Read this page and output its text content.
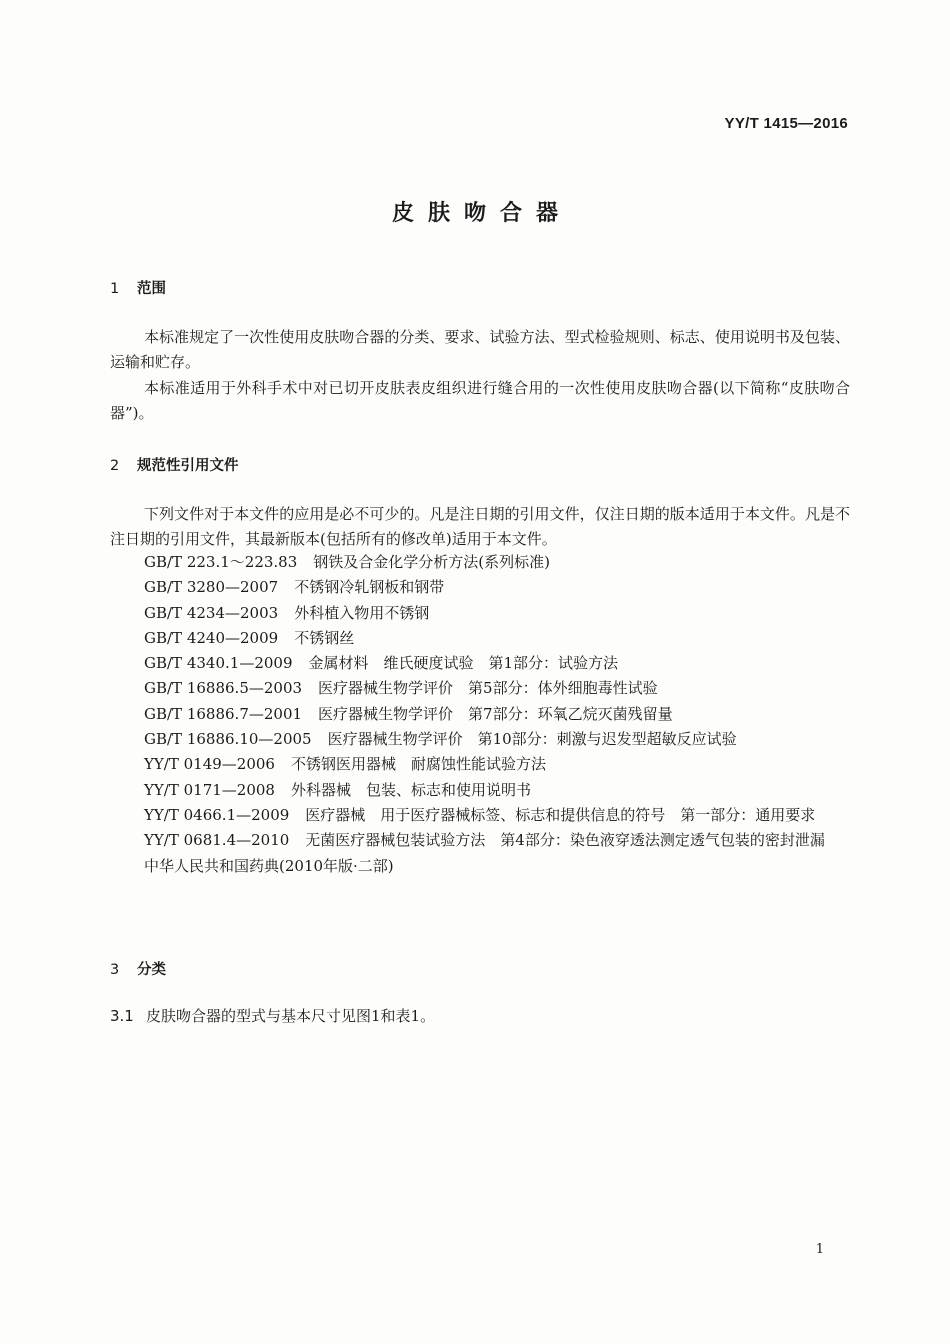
YY/T 1415—2016
皮肤吻合器
1 范围
本标准规定了一次性使用皮肤吻合器的分类、要求、试验方法、型式检验规则、标志、使用说明书及包装、运输和贮存。
本标准适用于外科手术中对已切开皮肤表皮组织进行缝合用的一次性使用皮肤吻合器(以下简称“皮肤吻合器”)。
2 规范性引用文件
下列文件对于本文件的应用是必不可少的。凡是注日期的引用文件，仅注日期的版本适用于本文件。凡是不注日期的引用文件，其最新版本(包括所有的修改单)适用于本文件。
GB/T 223.1～223.83 钢铁及合金化学分析方法(系列标准)
GB/T 3280—2007 不锈钢冷轧钢板和钢带
GB/T 4234—2003 外科植入物用不锈钢
GB/T 4240—2009 不锈钢丝
GB/T 4340.1—2009 金属材料　维氏硬度试验　第1部分：试验方法
GB/T 16886.5—2003 医疗器械生物学评价　第5部分：体外细胞毒性试验
GB/T 16886.7—2001 医疗器械生物学评价　第7部分：环氧乙烷灭菌残留量
GB/T 16886.10—2005 医疗器械生物学评价　第10部分：刺激与迟发型超敏反应试验
YY/T 0149—2006 不锈钢医用器械　耐腐蚀性能试验方法
YY/T 0171—2008 外科器械　包装、标志和使用说明书
YY/T 0466.1—2009 医疗器械　用于医疗器械标签、标志和提供信息的符号　第一部分：通用要求
YY/T 0681.4—2010 无菌医疗器械包装试验方法　第4部分：染色液穿透法测定透气包装的密封泄漏
中华人民共和国药典(2010年版·二部)
3 分类
3.1 皮肤吻合器的型式与基本尺寸见图1和表1。
1
